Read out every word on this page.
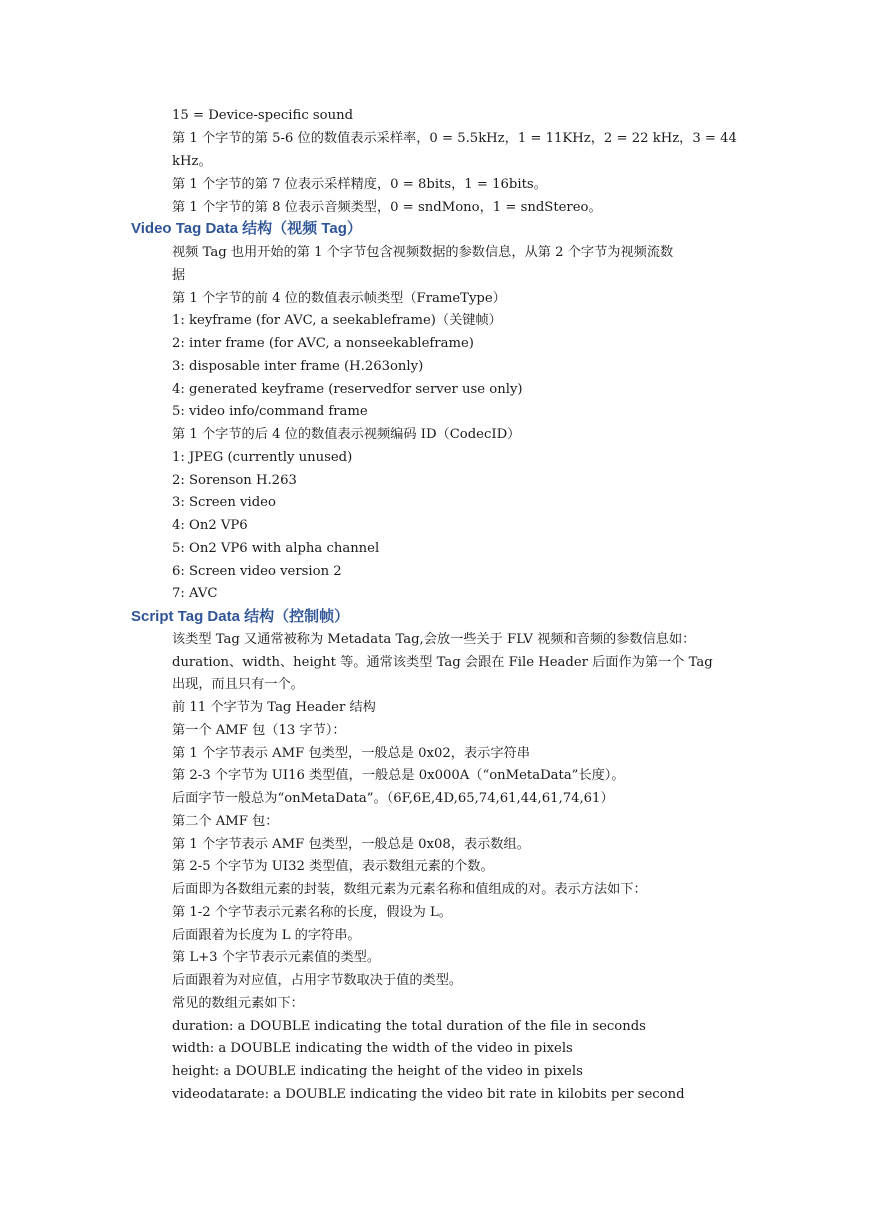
15 = Device-specific sound
第 1 个字节的第 5-6 位的数值表示采样率，0 = 5.5kHz，1 = 11KHz，2 = 22 kHz，3 = 44
kHz。
第 1 个字节的第 7 位表示采样精度，0 = 8bits，1 = 16bits。
第 1 个字节的第 8 位表示音频类型，0 = sndMono，1 = sndStereo。
Video Tag Data 结构（视频 Tag）
视频 Tag 也用开始的第 1 个字节包含视频数据的参数信息，从第 2 个字节为视频流数
据
第 1 个字节的前 4 位的数值表示帧类型（FrameType）
1: keyframe (for AVC, a seekableframe)（关键帧）
2: inter frame (for AVC, a nonseekableframe)
3: disposable inter frame (H.263only)
4: generated keyframe (reservedfor server use only)
5: video info/command frame
第 1 个字节的后 4 位的数值表示视频编码 ID（CodecID）
1: JPEG (currently unused)
2: Sorenson H.263
3: Screen video
4: On2 VP6
5: On2 VP6 with alpha channel
6: Screen video version 2
7: AVC
Script Tag Data 结构（控制帧）
该类型 Tag 又通常被称为 Metadata Tag,会放一些关于 FLV 视频和音频的参数信息如：
duration、width、height 等。通常该类型 Tag 会跟在 File Header 后面作为第一个 Tag
出现，而且只有一个。
前 11 个字节为 Tag Header 结构
第一个 AMF 包（13 字节）：
第 1 个字节表示 AMF 包类型，一般总是 0x02，表示字符串
第 2-3 个字节为 UI16 类型值，一般总是 0x000A（“onMetaData”长度）。
后面字节一般总为“onMetaData”。（6F,6E,4D,65,74,61,44,61,74,61）
第二个 AMF 包：
第 1 个字节表示 AMF 包类型，一般总是 0x08，表示数组。
第 2-5 个字节为 UI32 类型值，表示数组元素的个数。
后面即为各数组元素的封装，数组元素为元素名称和值组成的对。表示方法如下：
第 1-2 个字节表示元素名称的长度，假设为 L。
后面跟着为长度为 L 的字符串。
第 L+3 个字节表示元素值的类型。
后面跟着为对应值，占用字节数取决于值的类型。
常见的数组元素如下：
duration: a DOUBLE indicating the total duration of the file in seconds
width: a DOUBLE indicating the width of the video in pixels
height: a DOUBLE indicating the height of the video in pixels
videodatarate: a DOUBLE indicating the video bit rate in kilobits per second
